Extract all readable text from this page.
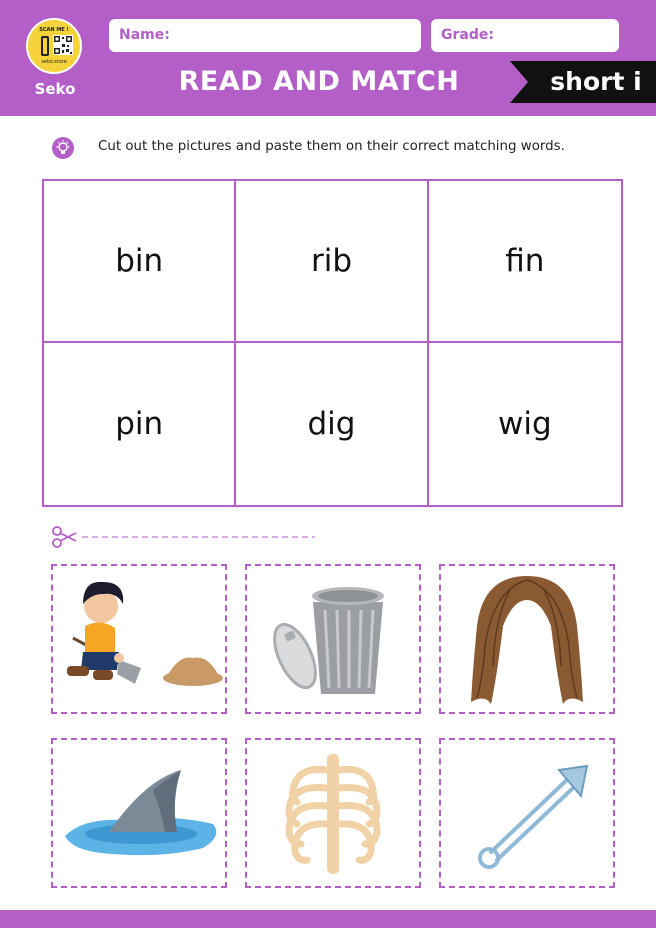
SCAN ME !
seko.store
Seko
Name:	Grade:
READ AND MATCH	short i
Cut out the pictures and paste them on their correct matching words.
bin	rib	fin
pin	dig	wig
